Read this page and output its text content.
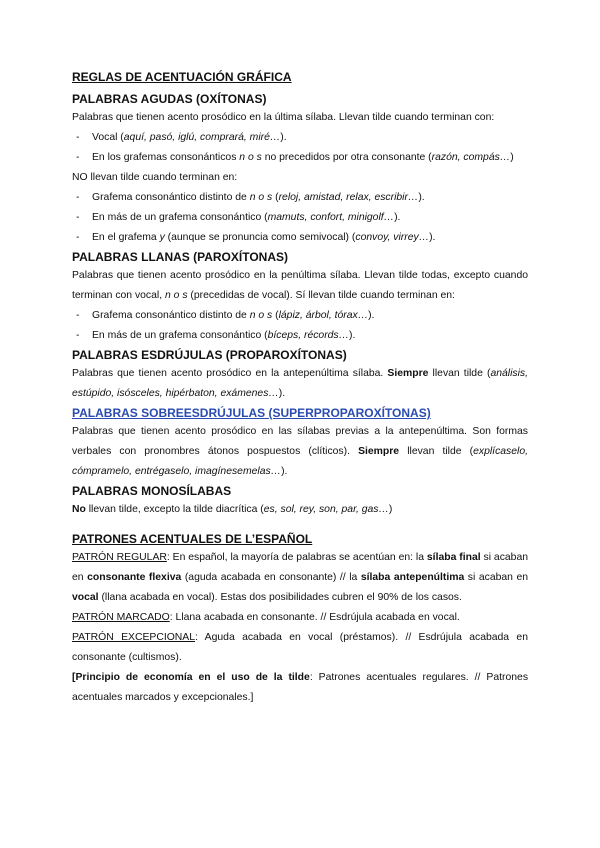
REGLAS DE ACENTUACIÓN GRÁFICA

PALABRAS AGUDAS (OXÍTONAS)

Palabras que tienen acento prosódico en la última sílaba. Llevan tilde cuando terminan con:

- Vocal (aquí, pasó, iglú, comprará, miré…).

- En los grafemas consonánticos n o s no precedidos por otra consonante (razón, compás…)

NO llevan tilde cuando terminan en:

- Grafema consonántico distinto de n o s (reloj, amistad, relax, escribir…).

- En más de un grafema consonántico (mamuts, confort, minigolf…).

- En el grafema y (aunque se pronuncia como semivocal) (convoy, virrey…).

PALABRAS LLANAS (PAROXÍTONAS)

Palabras que tienen acento prosódico en la penúltima sílaba. Llevan tilde todas, excepto cuando terminan con vocal, n o s (precedidas de vocal). Sí llevan tilde cuando terminan en:

- Grafema consonántico distinto de n o s (lápiz, árbol, tórax…).

- En más de un grafema consonántico (bíceps, récords…).

PALABRAS ESDRÚJULAS (PROPAROXÍTONAS)

Palabras que tienen acento prosódico en la antepenúltima sílaba. Siempre llevan tilde (análisis, estúpido, isósceles, hipérbaton, exámenes…).

PALABRAS SOBREESDRÚJULAS (SUPERPROPAROXÍTONAS)

Palabras que tienen acento prosódico en las sílabas previas a la antepenúltima. Son formas verbales con pronombres átonos pospuestos (clíticos). Siempre llevan tilde (explícaselo, cómpramelo, entrégaselo, imagínesemelas…).

PALABRAS MONOSÍLABAS

No llevan tilde, excepto la tilde diacrítica (es, sol, rey, son, par, gas…)

PATRONES ACENTUALES DE L’ESPAÑOL

PATRÓN REGULAR: En español, la mayoría de palabras se acentúan en: la sílaba final si acaban en consonante flexiva (aguda acabada en consonante) // la sílaba antepenúltima si acaban en vocal (llana acabada en vocal). Estas dos posibilidades cubren el 90% de los casos.

PATRÓN MARCADO: Llana acabada en consonante. // Esdrújula acabada en vocal.

PATRÓN EXCEPCIONAL: Aguda acabada en vocal (préstamos). // Esdrújula acabada en consonante (cultismos).

[Principio de economía en el uso de la tilde: Patrones acentuales regulares. // Patrones acentuales marcados y excepcionales.]
